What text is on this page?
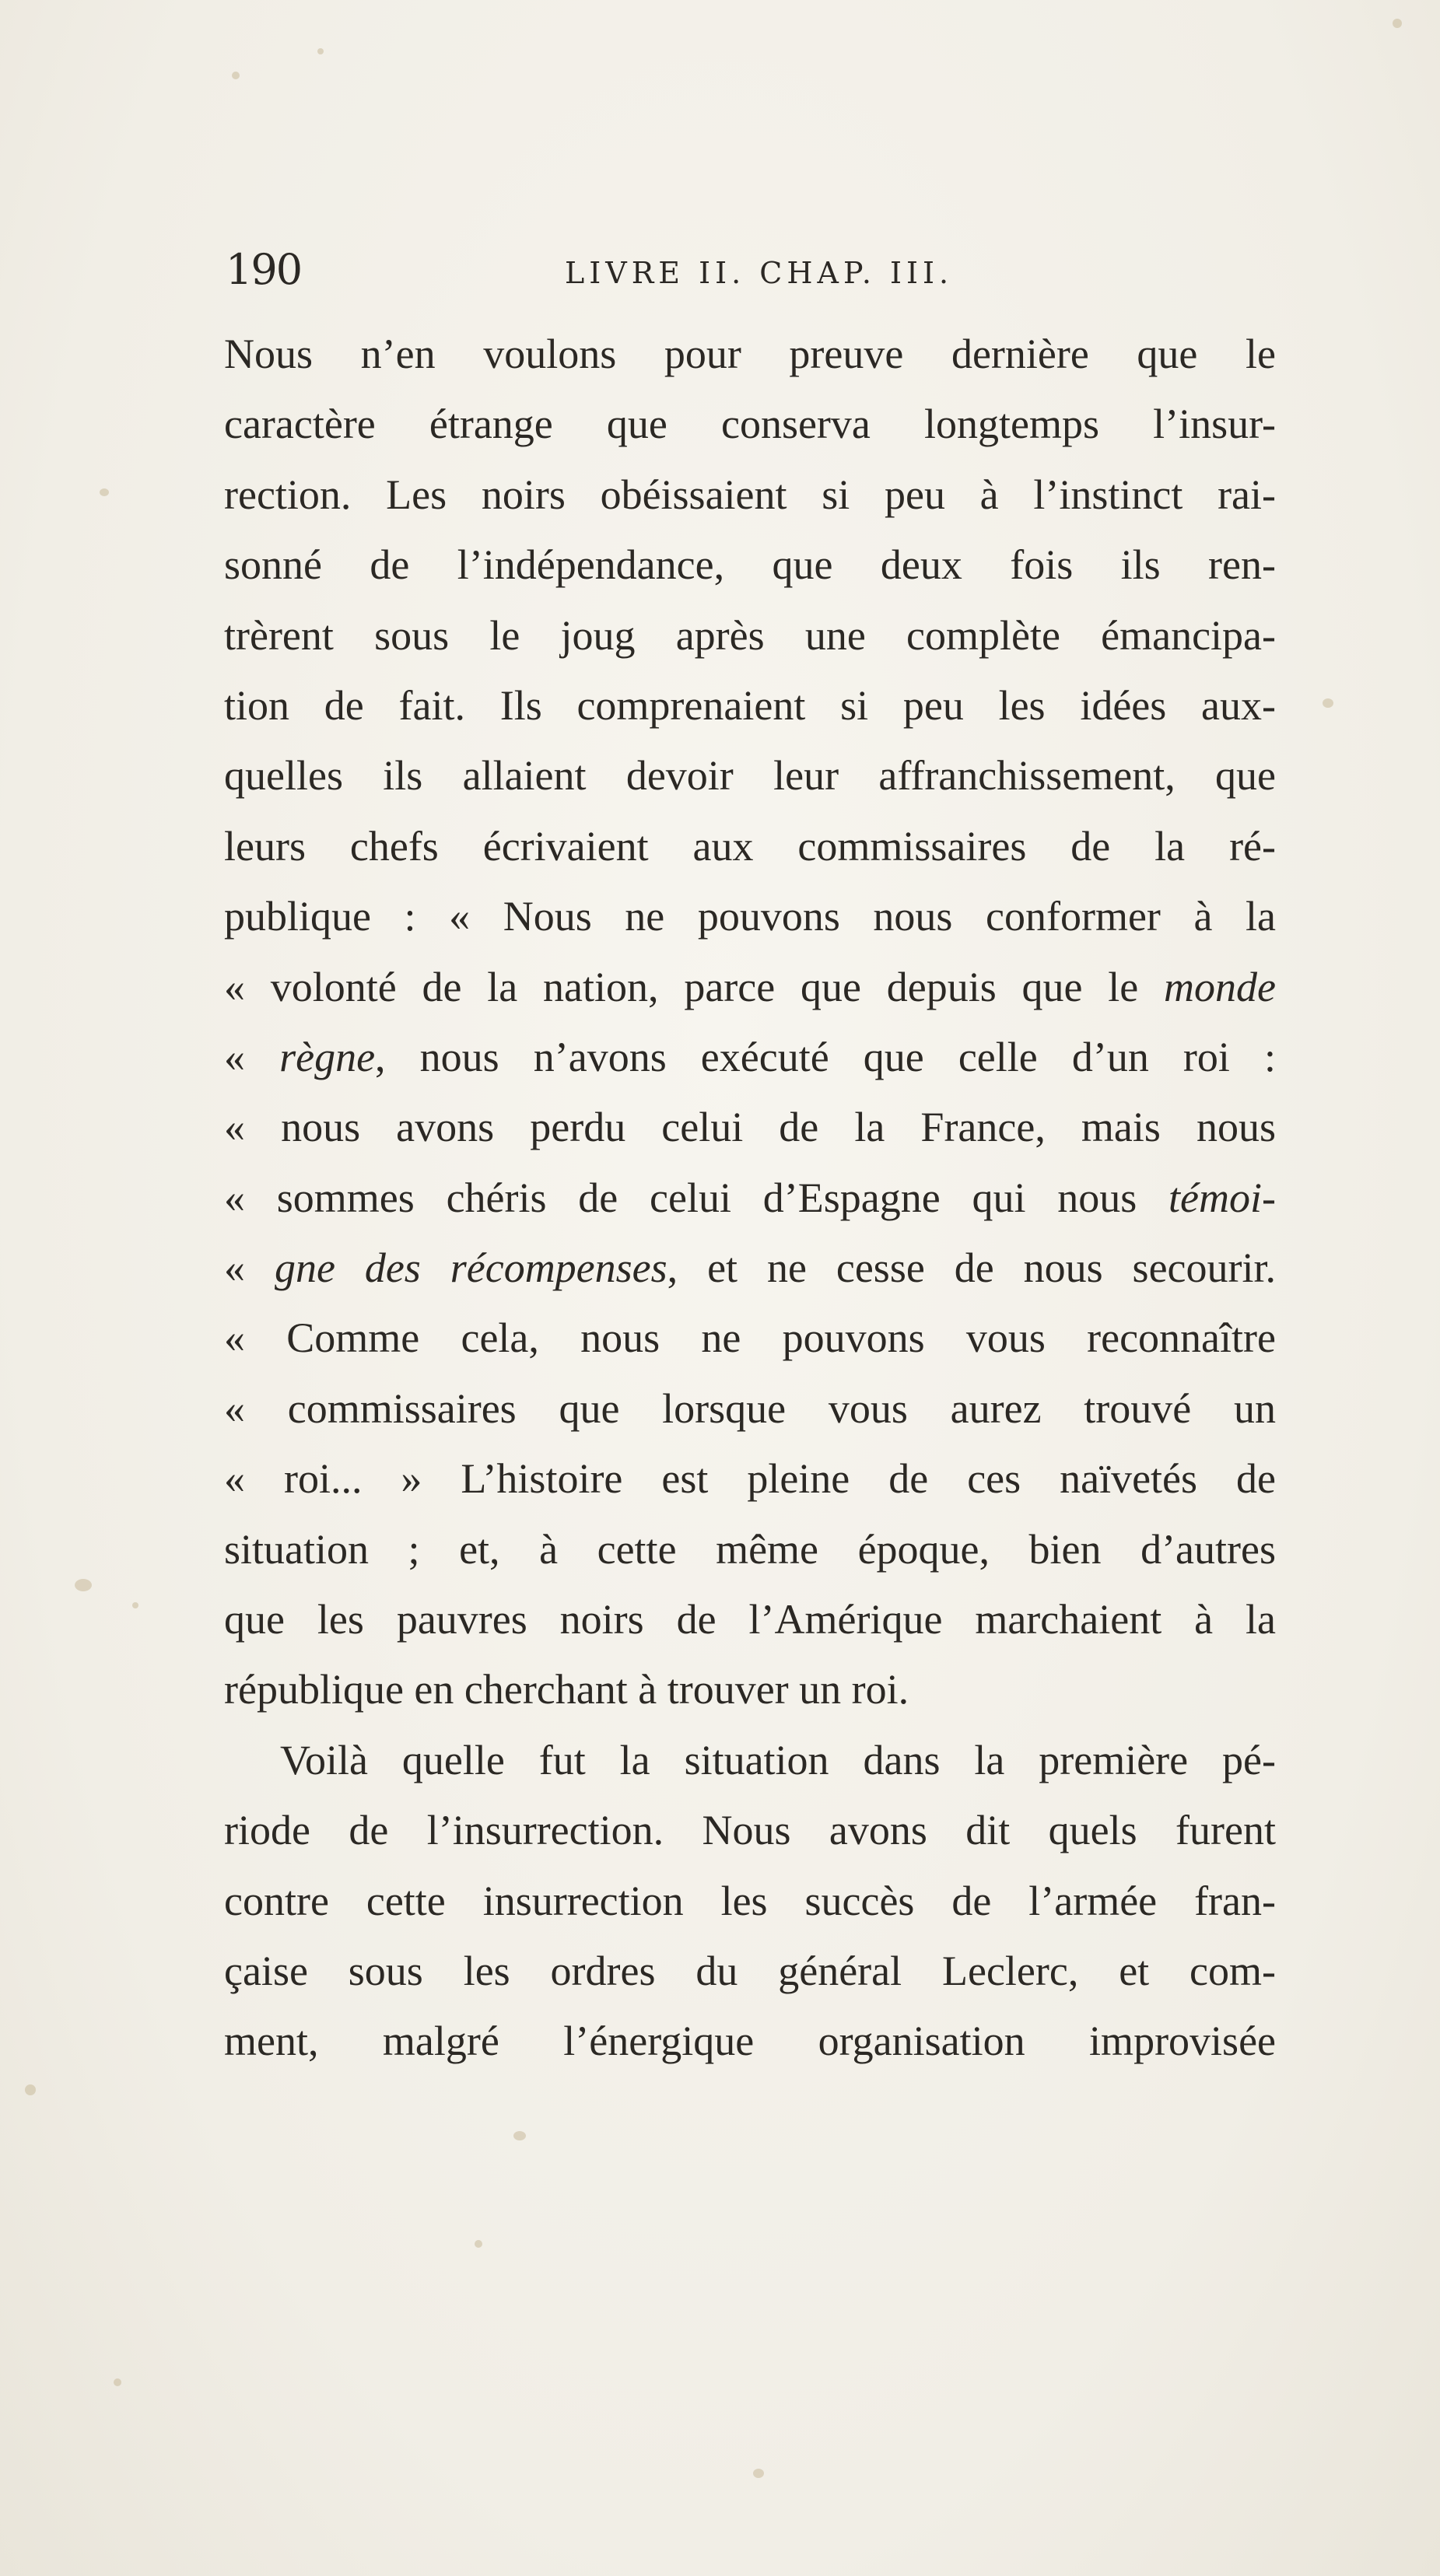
190	LIVRE II. CHAP. III.
Nous n’en voulons pour preuve dernière que le
caractère étrange que conserva longtemps l’insur-
rection. Les noirs obéissaient si peu à l’instinct rai-
sonné de l’indépendance, que deux fois ils ren-
trèrent sous le joug après une complète émancipa-
tion de fait. Ils comprenaient si peu les idées aux-
quelles ils allaient devoir leur affranchissement, que
leurs chefs écrivaient aux commissaires de la ré-
publique : « Nous ne pouvons nous conformer à la
« volonté de la nation, parce que depuis que le monde
« règne, nous n’avons exécuté que celle d’un roi :
« nous avons perdu celui de la France, mais nous
« sommes chéris de celui d’Espagne qui nous témoi-
« gne des récompenses, et ne cesse de nous secourir.
« Comme cela, nous ne pouvons vous reconnaître
« commissaires que lorsque vous aurez trouvé un
« roi... » L’histoire est pleine de ces naïvetés de
situation ; et, à cette même époque, bien d’autres
que les pauvres noirs de l’Amérique marchaient à la
république en cherchant à trouver un roi.
Voilà quelle fut la situation dans la première pé-
riode de l’insurrection. Nous avons dit quels furent
contre cette insurrection les succès de l’armée fran-
çaise sous les ordres du général Leclerc, et com-
ment, malgré l’énergique organisation improvisée
